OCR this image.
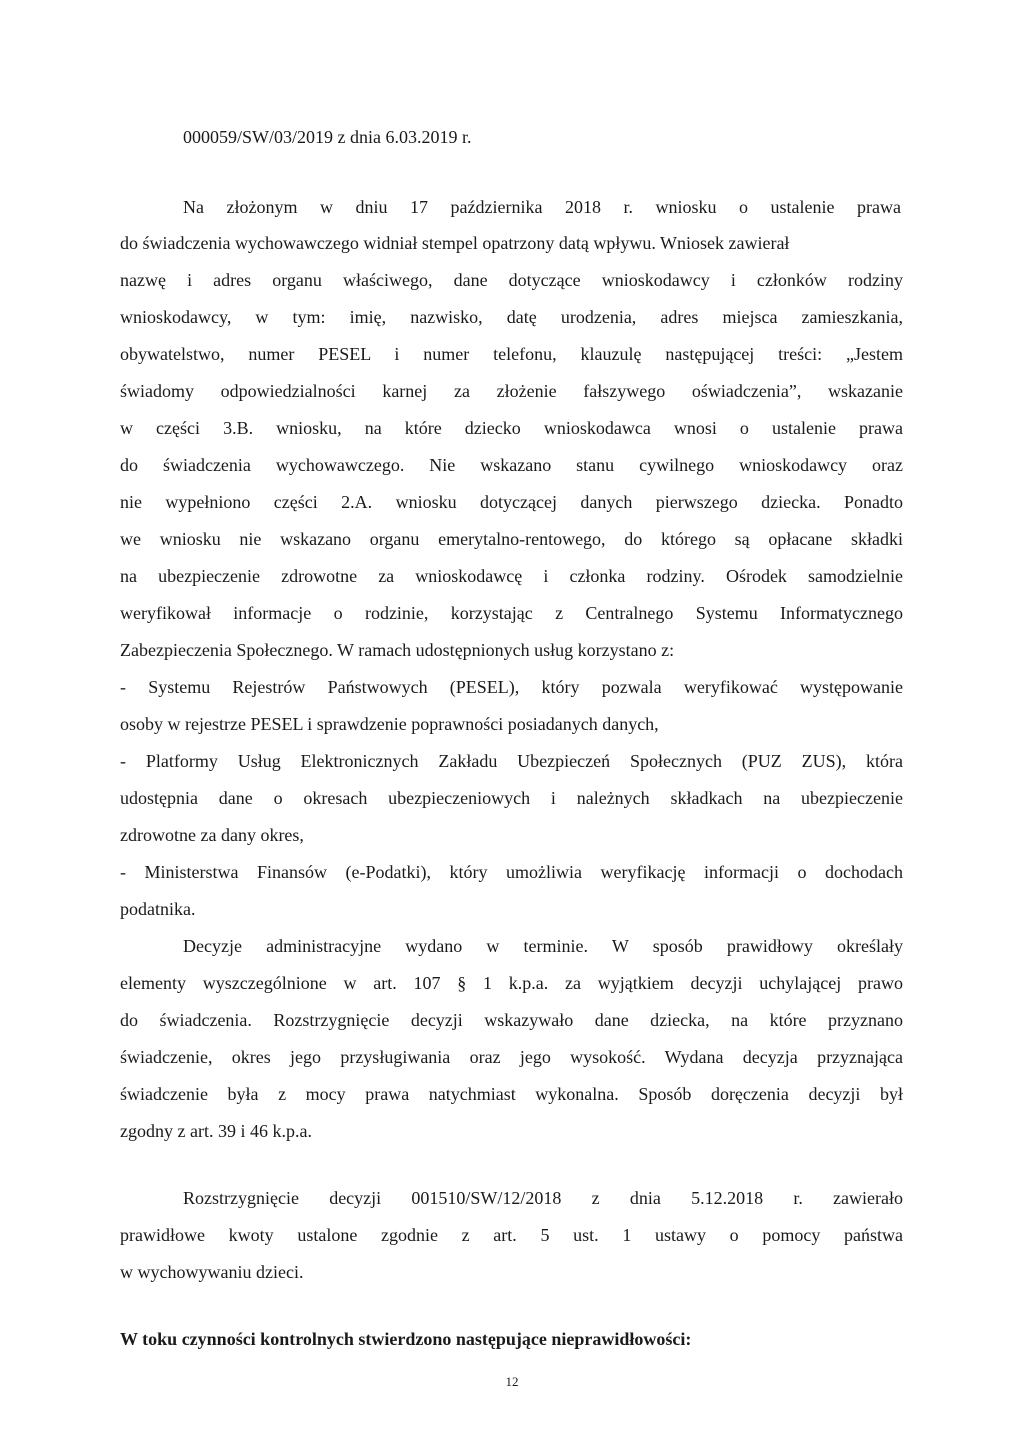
000059/SW/03/2019 z dnia 6.03.2019 r.
Na złożonym w dniu 17 października 2018 r. wniosku o ustalenie prawa
do świadczenia wychowawczego widniał stempel opatrzony datą wpływu. Wniosek zawierał
nazwę i adres organu właściwego, dane dotyczące wnioskodawcy i członków rodziny
wnioskodawcy, w tym: imię, nazwisko, datę urodzenia, adres miejsca zamieszkania,
obywatelstwo, numer PESEL i numer telefonu, klauzulę następującej treści: „Jestem
świadomy odpowiedzialności karnej za złożenie fałszywego oświadczenia”, wskazanie
w części 3.B. wniosku, na które dziecko wnioskodawca wnosi o ustalenie prawa
do świadczenia wychowawczego. Nie wskazano stanu cywilnego wnioskodawcy oraz
nie wypełniono części 2.A. wniosku dotyczącej danych pierwszego dziecka. Ponadto
we wniosku nie wskazano organu emerytalno-rentowego, do którego są opłacane składki
na ubezpieczenie zdrowotne za wnioskodawcę i członka rodziny. Ośrodek samodzielnie
weryfikował informacje o rodzinie, korzystając z Centralnego Systemu Informatycznego
Zabezpieczenia Społecznego. W ramach udostępnionych usług korzystano z:
- Systemu Rejestrów Państwowych (PESEL), który pozwala weryfikować występowanie
osoby w rejestrze PESEL i sprawdzenie poprawności posiadanych danych,
- Platformy Usług Elektronicznych Zakładu Ubezpieczeń Społecznych (PUZ ZUS), która
udostępnia dane o okresach ubezpieczeniowych i należnych składkach na ubezpieczenie
zdrowotne za dany okres,
- Ministerstwa Finansów (e-Podatki), który umożliwia weryfikację informacji o dochodach
podatnika.
Decyzje administracyjne wydano w terminie. W sposób prawidłowy określały
elementy wyszczególnione w art. 107 § 1 k.p.a. za wyjątkiem decyzji uchylającej prawo
do świadczenia. Rozstrzygnięcie decyzji wskazywało dane dziecka, na które przyznano
świadczenie, okres jego przysługiwania oraz jego wysokość. Wydana decyzja przyznająca
świadczenie była z mocy prawa natychmiast wykonalna. Sposób doręczenia decyzji był
zgodny z art. 39 i 46 k.p.a.
Rozstrzygnięcie decyzji 001510/SW/12/2018 z dnia 5.12.2018 r. zawierało
prawidłowe kwoty ustalone zgodnie z art. 5 ust. 1 ustawy o pomocy państwa
w wychowywaniu dzieci.
W toku czynności kontrolnych stwierdzono następujące nieprawidłowości:
12
